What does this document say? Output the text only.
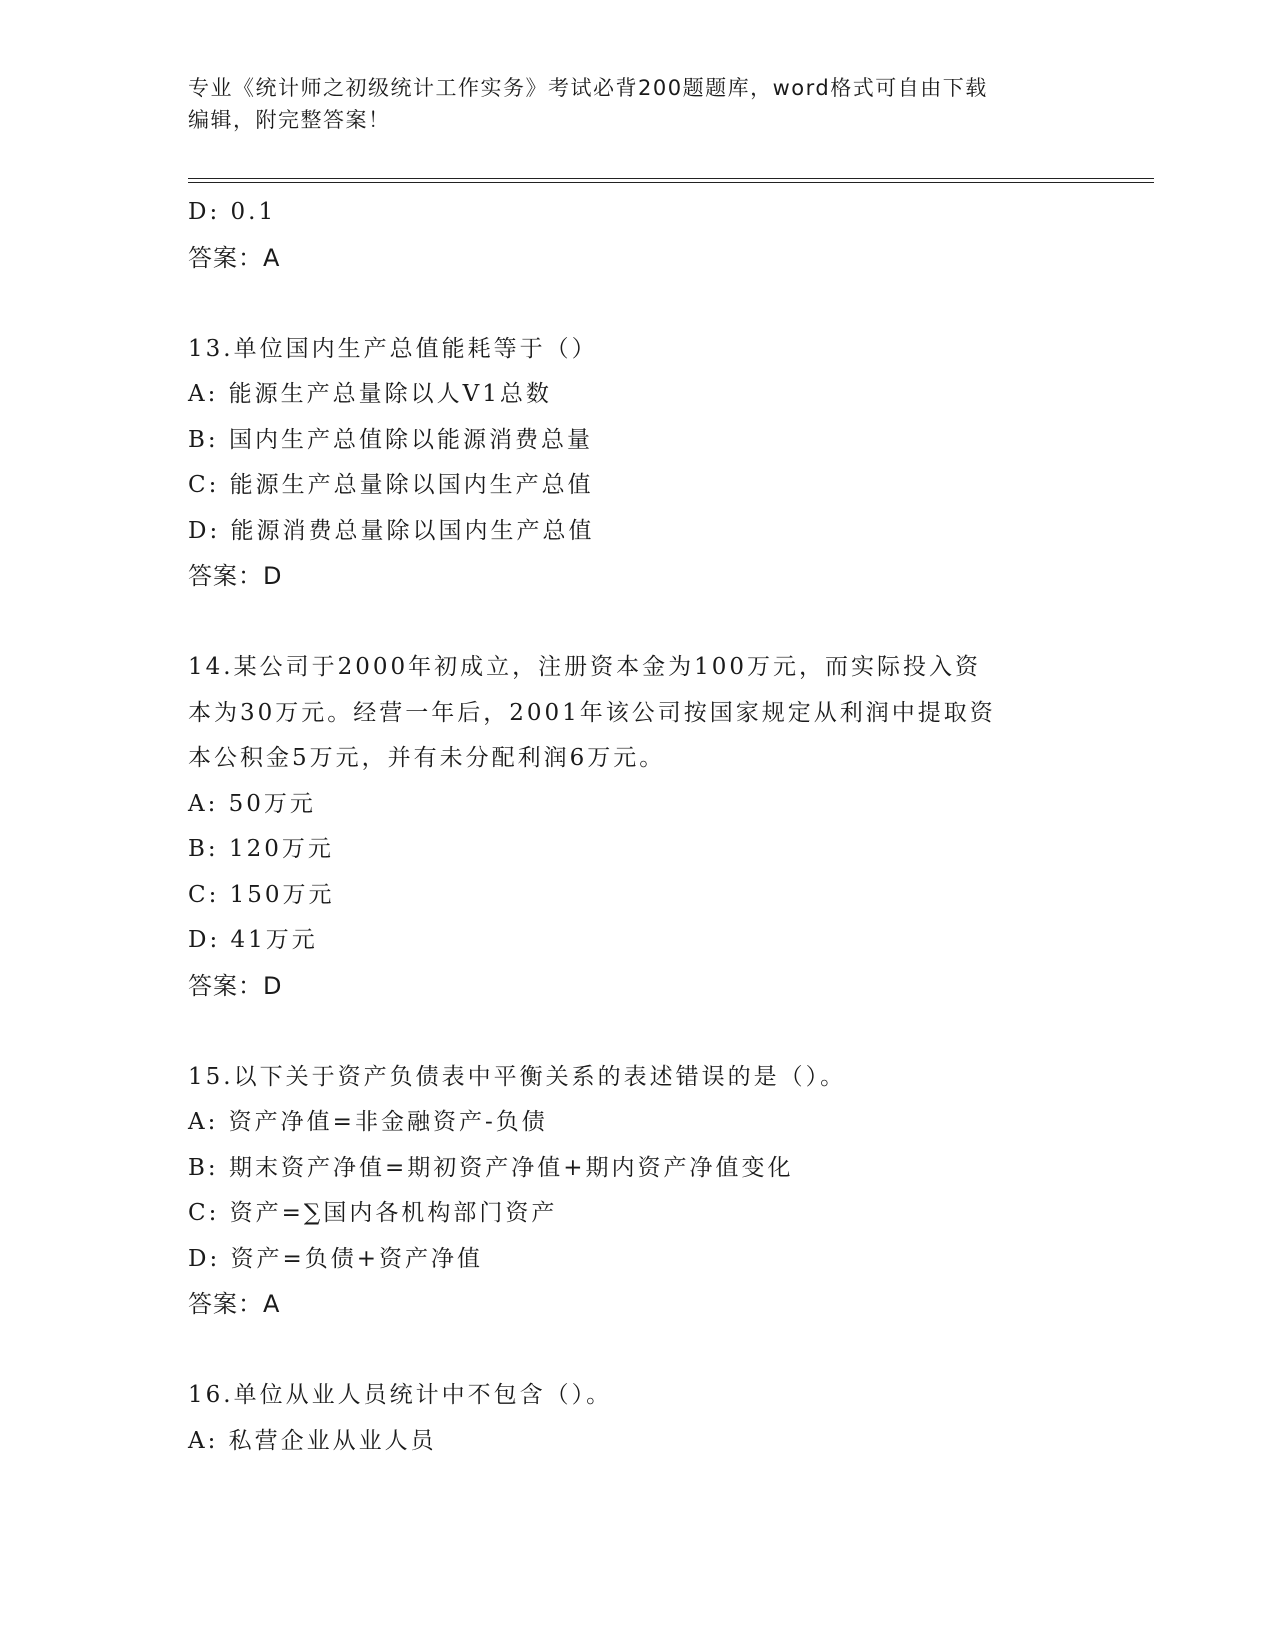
专业《统计师之初级统计工作实务》考试必背200题题库，word格式可自由下载
编辑，附完整答案！
D: 0.1
答案：A
13.单位国内生产总值能耗等于（）
A: 能源生产总量除以人V1总数
B: 国内生产总值除以能源消费总量
C: 能源生产总量除以国内生产总值
D: 能源消费总量除以国内生产总值
答案：D
14.某公司于2000年初成立，注册资本金为100万元，而实际投入资
本为30万元。经营一年后，2001年该公司按国家规定从利润中提取资
本公积金5万元，并有未分配利润6万元。
A: 50万元
B: 120万元
C: 150万元
D: 41万元
答案：D
15.以下关于资产负债表中平衡关系的表述错误的是（）。
A: 资产净值=非金融资产-负债
B: 期末资产净值=期初资产净值+期内资产净值变化
C: 资产=∑国内各机构部门资产
D: 资产=负债+资产净值
答案：A
16.单位从业人员统计中不包含（）。
A: 私营企业从业人员
